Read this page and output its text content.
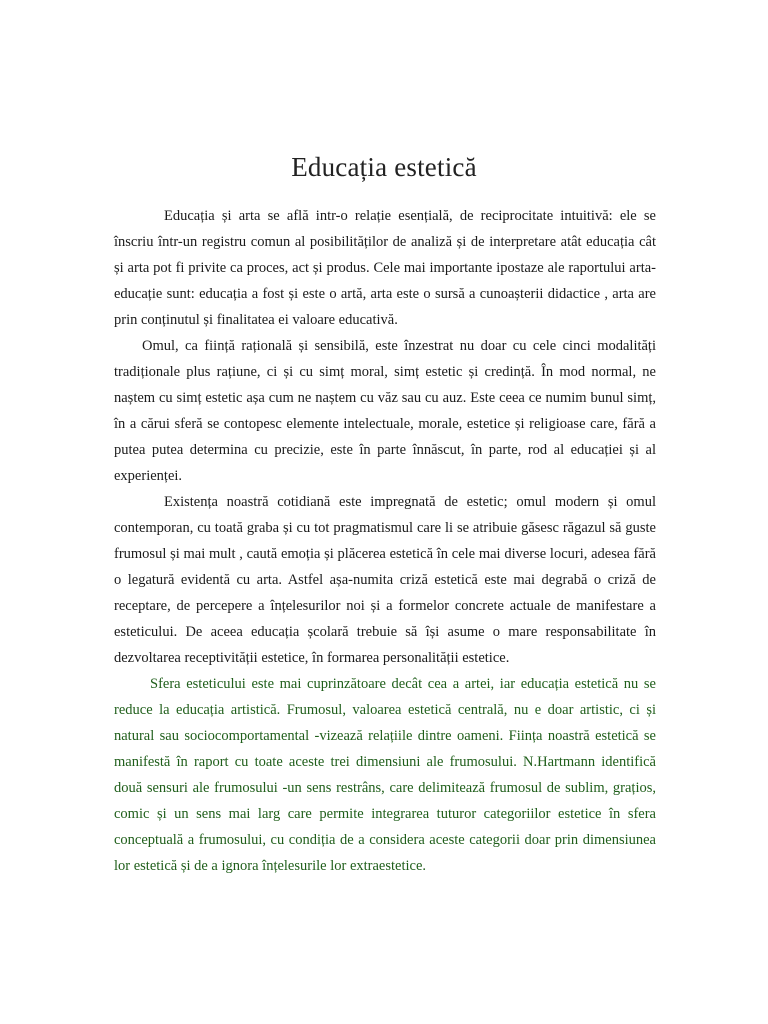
Educația estetică

Educația și arta se află intr-o relație esențială, de reciprocitate intuitivă: ele se înscriu într-un registru comun al posibilităților de analiză și de interpretare atât educația cât și arta pot fi privite ca proces, act și produs. Cele mai importante ipostaze ale raportului arta-educație sunt: educația a fost și este o artă, arta este o sursă a cunoașterii didactice , arta are prin conținutul și finalitatea ei valoare educativă.

Omul, ca ființă rațională și sensibilă, este înzestrat nu doar cu cele cinci modalități tradiționale plus rațiune, ci și cu simț moral, simț estetic și credință. În mod normal, ne naștem cu simț estetic așa cum ne naștem cu văz sau cu auz. Este ceea ce numim bunul simț, în a cărui sferă se contopesc elemente intelectuale, morale, estetice și religioase care, fără a putea putea determina cu precizie, este în parte înnăscut, în parte, rod al educației și al experienței.

Existența noastră cotidiană este impregnată de estetic; omul modern și omul contemporan, cu toată graba și cu tot pragmatismul care li se atribuie găsesc răgazul să guste frumosul și mai mult , caută emoția și plăcerea estetică în cele mai diverse locuri, adesea fără o legatură evidentă cu arta. Astfel așa-numita criză estetică este mai degrabă o criză de receptare, de percepere a înțelesurilor noi și a formelor concrete actuale de manifestare a esteticului. De aceea educația școlară trebuie să își asume o mare responsabilitate în dezvoltarea receptivității estetice, în formarea personalității estetice.

Sfera esteticului este mai cuprinzătoare decât cea a artei, iar educația estetică nu se reduce la educația artistică. Frumosul, valoarea estetică centrală, nu e doar artistic, ci și natural sau sociocomportamental -vizează relațiile dintre oameni. Ființa noastră estetică se manifestă în raport cu toate aceste trei dimensiuni ale frumosului. N.Hartmann identifică două sensuri ale frumosului -un sens restrâns, care delimitează frumosul de sublim, grațios, comic și un sens mai larg care permite integrarea tuturor categoriilor estetice în sfera conceptuală a frumosului, cu condiția de a considera aceste categorii doar prin dimensiunea lor estetică și de a ignora înțelesurile lor extraestetice.
